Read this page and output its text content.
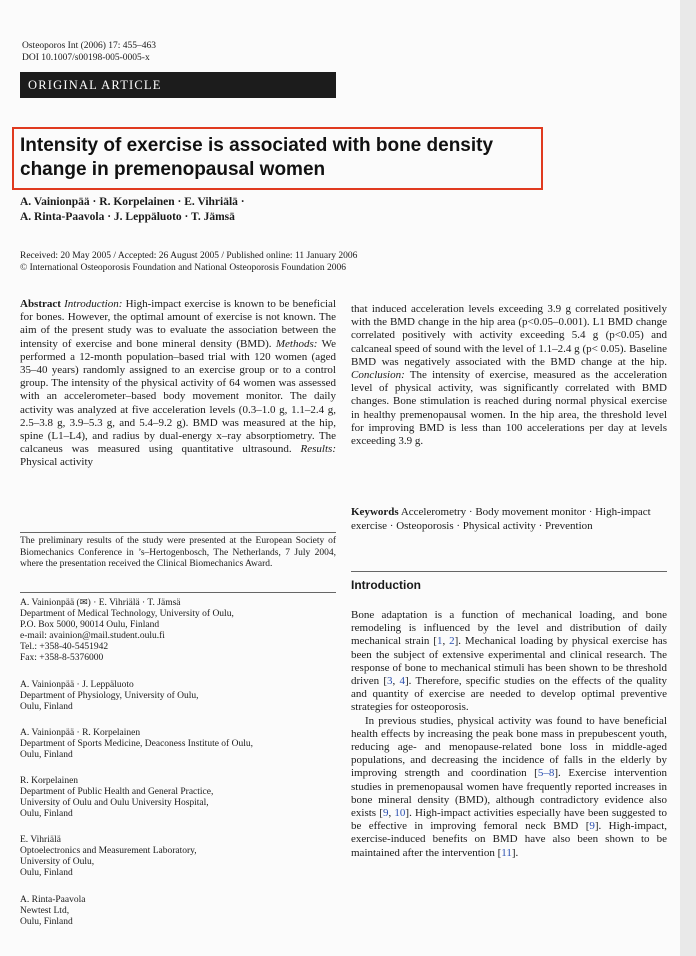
Osteoporos Int (2006) 17: 455–463
DOI 10.1007/s00198-005-0005-x
ORIGINAL ARTICLE
Intensity of exercise is associated with bone density
change in premenopausal women
A. Vainionpää · R. Korpelainen · E. Vihriälä ·
A. Rinta-Paavola · J. Leppäluoto · T. Jämsä
Received: 20 May 2005 / Accepted: 26 August 2005 / Published online: 11 January 2006
© International Osteoporosis Foundation and National Osteoporosis Foundation 2006

Abstract Introduction: High-impact exercise is known to be beneficial for bones. However, the optimal amount of exercise is not known. The aim of the present study was to evaluate the association between the intensity of exercise and bone mineral density (BMD). Methods: We performed a 12-month population–based trial with 120 women (aged 35–40 years) randomly assigned to an exercise group or to a control group. The intensity of the physical activity of 64 women was assessed with an accelerometer–based body movement monitor. The daily activity was analyzed at five acceleration levels (0.3–1.0 g, 1.1–2.4 g, 2.5–3.8 g, 3.9–5.3 g, and 5.4–9.2 g). BMD was measured at the hip, spine (L1–L4), and radius by dual-energy x–ray absorptiometry. The calcaneus was measured using quantitative ultrasound. Results: Physical activity

The preliminary results of the study were presented at the European Society of Biomechanics Conference in ’s–Hertogenbosch, The Netherlands, 7 July 2004, where the presentation received the Clinical Biomechanics Award.

A. Vainionpää (✉) · E. Vihriälä · T. Jämsä

Department of Medical Technology, University of Oulu,

P.O. Box 5000, 90014 Oulu, Finland

e-mail: avainion@mail.student.oulu.fi

Tel.: +358-40-5451942

Fax: +358-8-5376000

A. Vainionpää · J. Leppäluoto

Department of Physiology, University of Oulu,

Oulu, Finland

A. Vainionpää · R. Korpelainen

Department of Sports Medicine, Deaconess Institute of Oulu,

Oulu, Finland

R. Korpelainen

Department of Public Health and General Practice,

University of Oulu and Oulu University Hospital,

Oulu, Finland

E. Vihriälä

Optoelectronics and Measurement Laboratory,

University of Oulu,

Oulu, Finland

A. Rinta-Paavola

Newtest Ltd,

Oulu, Finland

that induced acceleration levels exceeding 3.9 g correlated positively with the BMD change in the hip area (p<0.05–0.001). L1 BMD change correlated positively with activity exceeding 5.4 g (p<0.05) and calcaneal speed of sound with the level of 1.1–2.4 g (p< 0.05). Baseline BMD was negatively associated with the BMD change at the hip. Conclusion: The intensity of exercise, measured as the acceleration level of physical activity, was significantly correlated with BMD changes. Bone stimulation is reached during normal physical exercise in healthy premenopausal women. In the hip area, the threshold level for improving BMD is less than 100 accelerations per day at levels exceeding 3.9 g.

Keywords Accelerometry · Body movement monitor · High-impact exercise · Osteoporosis · Physical activity · Prevention
Introduction

Bone adaptation is a function of mechanical loading, and bone remodeling is influenced by the level and distribution of daily mechanical strain [1, 2]. Mechanical loading by physical exercise has been the subject of extensive experimental and clinical research. The response of bone to mechanical stimuli has been shown to be threshold driven [3, 4]. Therefore, specific studies on the effects of the quality and quantity of exercise are needed to develop optimal preventive strategies for osteoporosis.

In previous studies, physical activity was found to have beneficial health effects by increasing the peak bone mass in prepubescent youth, reducing age- and menopause-related bone loss in middle-aged populations, and decreasing the incidence of falls in the elderly by improving strength and coordination [5–8]. Exercise intervention studies in premenopausal women have frequently reported increases in bone mineral density (BMD), although contradictory evidence also exists [9, 10]. High-impact activities especially have been suggested to be effective in improving femoral neck BMD [9]. High-impact, exercise-induced benefits on BMD have also been shown to be maintained after the intervention [11].
